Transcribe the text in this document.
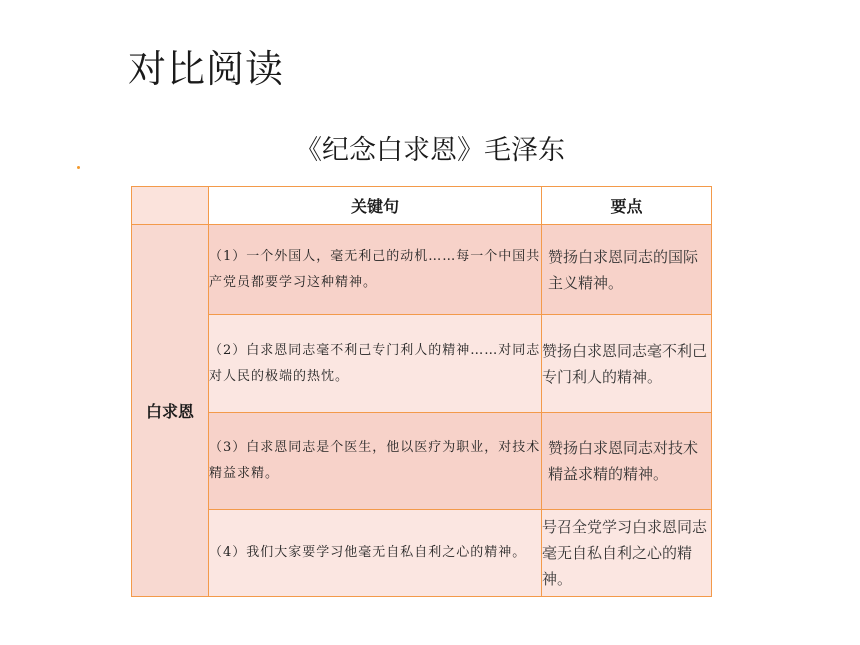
对比阅读
《纪念白求恩》毛泽东
	关键句	要点
白求恩	（1）一个外国人，毫无利己的动机……每一个中国共产党员都要学习这种精神。	赞扬白求恩同志的国际主义精神。
	（2）白求恩同志毫不利己专门利人的精神……对同志对人民的极端的热忱。	赞扬白求恩同志毫不利己专门利人的精神。
	（3）白求恩同志是个医生，他以医疗为职业，对技术精益求精。	赞扬白求恩同志对技术精益求精的精神。
	（4）我们大家要学习他毫无自私自利之心的精神。	号召全党学习白求恩同志毫无自私自利之心的精神。
